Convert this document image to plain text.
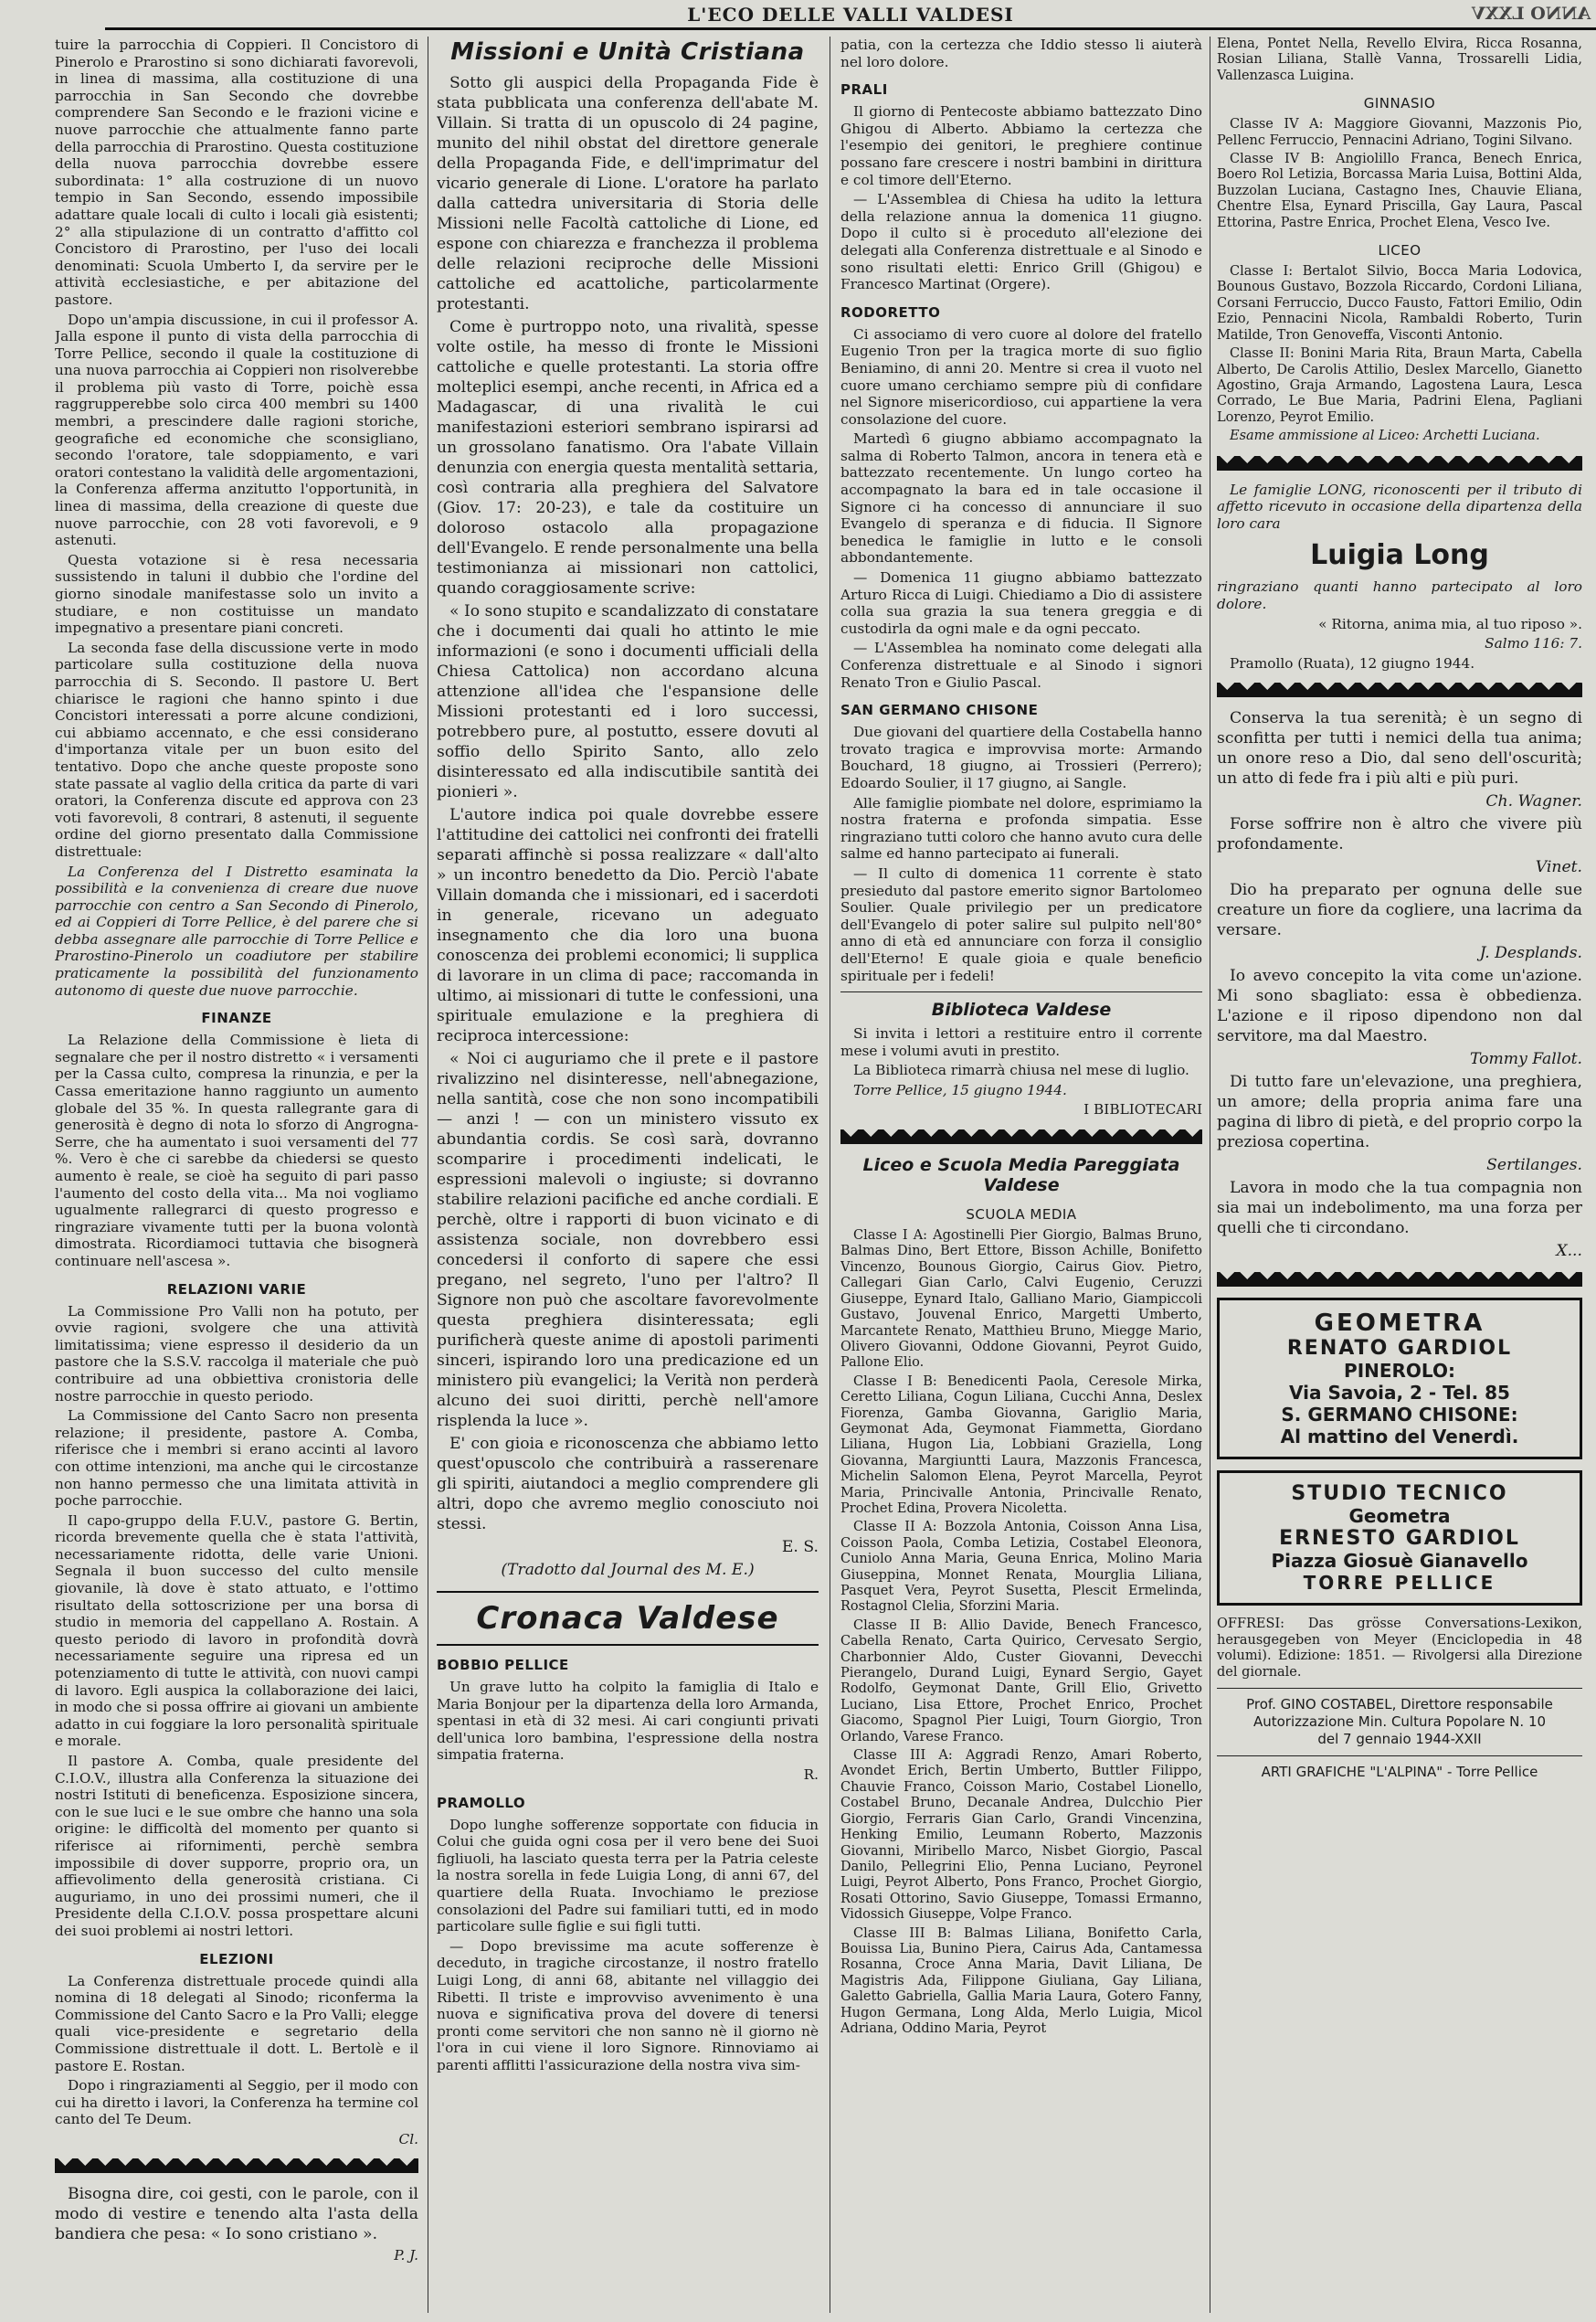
L'ECO DELLE VALLI VALDESI	ANNO LXXV

tuire la parrocchia di Coppieri. Il Concistoro di Pinerolo e Prarostino si sono dichiarati favorevoli, in linea di massima, alla costituzione di una parrocchia in San Secondo che dovrebbe comprendere San Secondo e le frazioni vicine e nuove parrocchie che attualmente fanno parte della parrocchia di Prarostino. Questa costituzione della nuova parrocchia dovrebbe essere subordinata: 1° alla costruzione di un nuovo tempio in San Secondo, essendo impossibile adattare quale locali di culto i locali già esistenti; 2° alla stipulazione di un contratto d'affitto col Concistoro di Prarostino, per l'uso dei locali denominati: Scuola Umberto I, da servire per le attività ecclesiastiche, e per abitazione del pastore.

Dopo un'ampia discussione, in cui il professor A. Jalla espone il punto di vista della parrocchia di Torre Pellice, secondo il quale la costituzione di una nuova parrocchia ai Coppieri non risolverebbe il problema più vasto di Torre, poichè essa raggrupperebbe solo circa 400 membri su 1400 membri, a prescindere dalle ragioni storiche, geografiche ed economiche che sconsigliano, secondo l'oratore, tale sdoppiamento, e vari oratori contestano la validità delle argomentazioni, la Conferenza afferma anzitutto l'opportunità, in linea di massima, della creazione di queste due nuove parrocchie, con 28 voti favorevoli, e 9 astenuti.

Questa votazione si è resa necessaria sussistendo in taluni il dubbio che l'ordine del giorno sinodale manifestasse solo un invito a studiare, e non costituisse un mandato impegnativo a presentare piani concreti.

La seconda fase della discussione verte in modo particolare sulla costituzione della nuova parrocchia di S. Secondo. Il pastore U. Bert chiarisce le ragioni che hanno spinto i due Concistori interessati a porre alcune condizioni, cui abbiamo accennato, e che essi considerano d'importanza vitale per un buon esito del tentativo. Dopo che anche queste proposte sono state passate al vaglio della critica da parte di vari oratori, la Conferenza discute ed approva con 23 voti favorevoli, 8 contrari, 8 astenuti, il seguente ordine del giorno presentato dalla Commissione distrettuale:

La Conferenza del I Distretto esaminata la possibilità e la convenienza di creare due nuove parrocchie con centro a San Secondo di Pinerolo, ed ai Coppieri di Torre Pellice, è del parere che si debba assegnare alle parrocchie di Torre Pellice e Prarostino-Pinerolo un coadiutore per stabilire praticamente la possibilità del funzionamento autonomo di queste due nuove parrocchie.

FINANZE

La Relazione della Commissione è lieta di segnalare che per il nostro distretto « i versamenti per la Cassa culto, compresa la rinunzia, e per la Cassa emeritazione hanno raggiunto un aumento globale del 35 %. In questa rallegrante gara di generosità è degno di nota lo sforzo di Angrogna-Serre, che ha aumentato i suoi versamenti del 77 %. Vero è che ci sarebbe da chiedersi se questo aumento è reale, se cioè ha seguito di pari passo l'aumento del costo della vita... Ma noi vogliamo ugualmente rallegrarci di questo progresso e ringraziare vivamente tutti per la buona volontà dimostrata. Ricordiamoci tuttavia che bisognerà continuare nell'ascesa ».

RELAZIONI VARIE

La Commissione Pro Valli non ha potuto, per ovvie ragioni, svolgere che una attività limitatissima; viene espresso il desiderio da un pastore che la S.S.V. raccolga il materiale che può contribuire ad una obbiettiva cronistoria delle nostre parrocchie in questo periodo.

La Commissione del Canto Sacro non presenta relazione; il presidente, pastore A. Comba, riferisce che i membri si erano accinti al lavoro con ottime intenzioni, ma anche qui le circostanze non hanno permesso che una limitata attività in poche parrocchie.

Il capo-gruppo della F.U.V., pastore G. Bertin, ricorda brevemente quella che è stata l'attività, necessariamente ridotta, delle varie Unioni. Segnala il buon successo del culto mensile giovanile, là dove è stato attuato, e l'ottimo risultato della sottoscrizione per una borsa di studio in memoria del cappellano A. Rostain. A questo periodo di lavoro in profondità dovrà necessariamente seguire una ripresa ed un potenziamento di tutte le attività, con nuovi campi di lavoro. Egli auspica la collaborazione dei laici, in modo che si possa offrire ai giovani un ambiente adatto in cui foggiare la loro personalità spirituale e morale.

Il pastore A. Comba, quale presidente del C.I.O.V., illustra alla Conferenza la situazione dei nostri Istituti di beneficenza. Esposizione sincera, con le sue luci e le sue ombre che hanno una sola origine: le difficoltà del momento per quanto si riferisce ai rifornimenti, perchè sembra impossibile di dover supporre, proprio ora, un affievolimento della generosità cristiana. Ci auguriamo, in uno dei prossimi numeri, che il Presidente della C.I.O.V. possa prospettare alcuni dei suoi problemi ai nostri lettori.

ELEZIONI

La Conferenza distrettuale procede quindi alla nomina di 18 delegati al Sinodo; riconferma la Commissione del Canto Sacro e la Pro Valli; elegge quali vice-presidente e segretario della Commissione distrettuale il dott. L. Bertolè e il pastore E. Rostan.

Dopo i ringraziamenti al Seggio, per il modo con cui ha diretto i lavori, la Conferenza ha termine col canto del Te Deum.

Cl.

Bisogna dire, coi gesti, con le parole, con il modo di vestire e tenendo alta l'asta della bandiera che pesa: « Io sono cristiano ».

P. J.

Missioni e Unità Cristiana

Sotto gli auspici della Propaganda Fide è stata pubblicata una conferenza dell'abate M. Villain. Si tratta di un opuscolo di 24 pagine, munito del nihil obstat del direttore generale della Propaganda Fide, e dell'imprimatur del vicario generale di Lione. L'oratore ha parlato dalla cattedra universitaria di Storia delle Missioni nelle Facoltà cattoliche di Lione, ed espone con chiarezza e franchezza il problema delle relazioni reciproche delle Missioni cattoliche ed acattoliche, particolarmente protestanti.

Come è purtroppo noto, una rivalità, spesse volte ostile, ha messo di fronte le Missioni cattoliche e quelle protestanti. La storia offre molteplici esempi, anche recenti, in Africa ed a Madagascar, di una rivalità le cui manifestazioni esteriori sembrano ispirarsi ad un grossolano fanatismo. Ora l'abate Villain denunzia con energia questa mentalità settaria, così contraria alla preghiera del Salvatore (Giov. 17: 20-23), e tale da costituire un doloroso ostacolo alla propagazione dell'Evangelo. E rende personalmente una bella testimonianza ai missionari non cattolici, quando coraggiosamente scrive:

« Io sono stupito e scandalizzato di constatare che i documenti dai quali ho attinto le mie informazioni (e sono i documenti ufficiali della Chiesa Cattolica) non accordano alcuna attenzione all'idea che l'espansione delle Missioni protestanti ed i loro successi, potrebbero pure, al postutto, essere dovuti al soffio dello Spirito Santo, allo zelo disinteressato ed alla indiscutibile santità dei pionieri ».

L'autore indica poi quale dovrebbe essere l'attitudine dei cattolici nei confronti dei fratelli separati affinchè si possa realizzare « dall'alto » un incontro benedetto da Dio. Perciò l'abate Villain domanda che i missionari, ed i sacerdoti in generale, ricevano un adeguato insegnamento che dia loro una buona conoscenza dei problemi economici; li supplica di lavorare in un clima di pace; raccomanda in ultimo, ai missionari di tutte le confessioni, una spirituale emulazione e la preghiera di reciproca intercessione:

« Noi ci auguriamo che il prete e il pastore rivalizzino nel disinteresse, nell'abnegazione, nella santità, cose che non sono incompatibili — anzi ! — con un ministero vissuto ex abundantia cordis. Se così sarà, dovranno scomparire i procedimenti indelicati, le espressioni malevoli o ingiuste; si dovranno stabilire relazioni pacifiche ed anche cordiali. E perchè, oltre i rapporti di buon vicinato e di assistenza sociale, non dovrebbero essi concedersi il conforto di sapere che essi pregano, nel segreto, l'uno per l'altro? Il Signore non può che ascoltare favorevolmente questa preghiera disinteressata; egli purificherà queste anime di apostoli parimenti sinceri, ispirando loro una predicazione ed un ministero più evangelici; la Verità non perderà alcuno dei suoi diritti, perchè nell'amore risplenda la luce ».

E' con gioia e riconoscenza che abbiamo letto quest'opuscolo che contribuirà a rasserenare gli spiriti, aiutandoci a meglio comprendere gli altri, dopo che avremo meglio conosciuto noi stessi.

E. S.

(Tradotto dal Journal des M. E.)

Cronaca Valdese
BOBBIO PELLICE

Un grave lutto ha colpito la famiglia di Italo e Maria Bonjour per la dipartenza della loro Armanda, spentasi in età di 32 mesi. Ai cari congiunti privati dell'unica loro bambina, l'espressione della nostra simpatia fraterna.

R.

PRAMOLLO

Dopo lunghe sofferenze sopportate con fiducia in Colui che guida ogni cosa per il vero bene dei Suoi figliuoli, ha lasciato questa terra per la Patria celeste la nostra sorella in fede Luigia Long, di anni 67, del quartiere della Ruata. Invochiamo le preziose consolazioni del Padre sui familiari tutti, ed in modo particolare sulle figlie e sui figli tutti.

— Dopo brevissime ma acute sofferenze è deceduto, in tragiche circostanze, il nostro fratello Luigi Long, di anni 68, abitante nel villaggio dei Ribetti. Il triste e improvviso avvenimento è una nuova e significativa prova del dovere di tenersi pronti come servitori che non sanno nè il giorno nè l'ora in cui viene il loro Signore. Rinnoviamo ai parenti afflitti l'assicurazione della nostra viva sim-

patia, con la certezza che Iddio stesso li aiuterà nel loro dolore.

PRALI

Il giorno di Pentecoste abbiamo battezzato Dino Ghigou di Alberto. Abbiamo la certezza che l'esempio dei genitori, le preghiere continue possano fare crescere i nostri bambini in dirittura e col timore dell'Eterno.

— L'Assemblea di Chiesa ha udito la lettura della relazione annua la domenica 11 giugno. Dopo il culto si è proceduto all'elezione dei delegati alla Conferenza distrettuale e al Sinodo e sono risultati eletti: Enrico Grill (Ghigou) e Francesco Martinat (Orgere).

RODORETTO

Ci associamo di vero cuore al dolore del fratello Eugenio Tron per la tragica morte di suo figlio Beniamino, di anni 20. Mentre si crea il vuoto nel cuore umano cerchiamo sempre più di confidare nel Signore misericordioso, cui appartiene la vera consolazione del cuore.

Martedì 6 giugno abbiamo accompagnato la salma di Roberto Talmon, ancora in tenera età e battezzato recentemente. Un lungo corteo ha accompagnato la bara ed in tale occasione il Signore ci ha concesso di annunciare il suo Evangelo di speranza e di fiducia. Il Signore benedica le famiglie in lutto e le consoli abbondantemente.

— Domenica 11 giugno abbiamo battezzato Arturo Ricca di Luigi. Chiediamo a Dio di assistere colla sua grazia la sua tenera greggia e di custodirla da ogni male e da ogni peccato.

— L'Assemblea ha nominato come delegati alla Conferenza distrettuale e al Sinodo i signori Renato Tron e Giulio Pascal.

SAN GERMANO CHISONE

Due giovani del quartiere della Costabella hanno trovato tragica e improvvisa morte: Armando Bouchard, 18 giugno, ai Trossieri (Perrero); Edoardo Soulier, il 17 giugno, ai Sangle.

Alle famiglie piombate nel dolore, esprimiamo la nostra fraterna e profonda simpatia. Esse ringraziano tutti coloro che hanno avuto cura delle salme ed hanno partecipato ai funerali.

— Il culto di domenica 11 corrente è stato presieduto dal pastore emerito signor Bartolomeo Soulier. Quale privilegio per un predicatore dell'Evangelo di poter salire sul pulpito nell'80° anno di età ed annunciare con forza il consiglio dell'Eterno! E quale gioia e quale beneficio spirituale per i fedeli!

Biblioteca Valdese

Si invita i lettori a restituire entro il corrente mese i volumi avuti in prestito.

La Biblioteca rimarrà chiusa nel mese di luglio.

Torre Pellice, 15 giugno 1944.

I BIBLIOTECARI

Liceo e Scuola Media Pareggiata Valdese
SCUOLA MEDIA

Classe I A: Agostinelli Pier Giorgio, Balmas Bruno, Balmas Dino, Bert Ettore, Bisson Achille, Bonifetto Vincenzo, Bounous Giorgio, Cairus Giov. Pietro, Callegari Gian Carlo, Calvi Eugenio, Ceruzzi Giuseppe, Eynard Italo, Galliano Mario, Giampiccoli Gustavo, Jouvenal Enrico, Margetti Umberto, Marcantete Renato, Matthieu Bruno, Miegge Mario, Olivero Giovanni, Oddone Giovanni, Peyrot Guido, Pallone Elio.

Classe I B: Benedicenti Paola, Ceresole Mirka, Ceretto Liliana, Cogun Liliana, Cucchi Anna, Deslex Fiorenza, Gamba Giovanna, Gariglio Maria, Geymonat Ada, Geymonat Fiammetta, Giordano Liliana, Hugon Lia, Lobbiani Graziella, Long Giovanna, Margiuntti Laura, Mazzonis Francesca, Michelin Salomon Elena, Peyrot Marcella, Peyrot Maria, Princivalle Antonia, Princivalle Renato, Prochet Edina, Provera Nicoletta.

Classe II A: Bozzola Antonia, Coisson Anna Lisa, Coisson Paola, Comba Letizia, Costabel Eleonora, Cuniolo Anna Maria, Geuna Enrica, Molino Maria Giuseppina, Monnet Renata, Mourglia Liliana, Pasquet Vera, Peyrot Susetta, Plescit Ermelinda, Rostagnol Clelia, Sforzini Maria.

Classe II B: Allio Davide, Benech Francesco, Cabella Renato, Carta Quirico, Cervesato Sergio, Charbonnier Aldo, Custer Giovanni, Devecchi Pierangelo, Durand Luigi, Eynard Sergio, Gayet Rodolfo, Geymonat Dante, Grill Elio, Grivetto Luciano, Lisa Ettore, Prochet Enrico, Prochet Giacomo, Spagnol Pier Luigi, Tourn Giorgio, Tron Orlando, Varese Franco.

Classe III A: Aggradi Renzo, Amari Roberto, Avondet Erich, Bertin Umberto, Buttler Filippo, Chauvie Franco, Coisson Mario, Costabel Lionello, Costabel Bruno, Decanale Andrea, Dulcchio Pier Giorgio, Ferraris Gian Carlo, Grandi Vincenzina, Henking Emilio, Leumann Roberto, Mazzonis Giovanni, Miribello Marco, Nisbet Giorgio, Pascal Danilo, Pellegrini Elio, Penna Luciano, Peyronel Luigi, Peyrot Alberto, Pons Franco, Prochet Giorgio, Rosati Ottorino, Savio Giuseppe, Tomassi Ermanno, Vidossich Giuseppe, Volpe Franco.

Classe III B: Balmas Liliana, Bonifetto Carla, Bouissa Lia, Bunino Piera, Cairus Ada, Cantamessa Rosanna, Croce Anna Maria, Davit Liliana, De Magistris Ada, Filippone Giuliana, Gay Liliana, Galetto Gabriella, Gallia Maria Laura, Gotero Fanny, Hugon Germana, Long Alda, Merlo Luigia, Micol Adriana, Oddino Maria, Peyrot

Elena, Pontet Nella, Revello Elvira, Ricca Rosanna, Rosian Liliana, Stallè Vanna, Trossarelli Lidia, Vallenzasca Luigina.

GINNASIO

Classe IV A: Maggiore Giovanni, Mazzonis Pio, Pellenc Ferruccio, Pennacini Adriano, Togini Silvano.

Classe IV B: Angiolillo Franca, Benech Enrica, Boero Rol Letizia, Borcassa Maria Luisa, Bottini Alda, Buzzolan Luciana, Castagno Ines, Chauvie Eliana, Chentre Elsa, Eynard Priscilla, Gay Laura, Pascal Ettorina, Pastre Enrica, Prochet Elena, Vesco Ive.

LICEO

Classe I: Bertalot Silvio, Bocca Maria Lodovica, Bounous Gustavo, Bozzola Riccardo, Cordoni Liliana, Corsani Ferruccio, Ducco Fausto, Fattori Emilio, Odin Ezio, Pennacini Nicola, Rambaldi Roberto, Turin Matilde, Tron Genoveffa, Visconti Antonio.

Classe II: Bonini Maria Rita, Braun Marta, Cabella Alberto, De Carolis Attilio, Deslex Marcello, Gianetto Agostino, Graja Armando, Lagostena Laura, Lesca Corrado, Le Bue Maria, Padrini Elena, Pagliani Lorenzo, Peyrot Emilio.

Esame ammissione al Liceo: Archetti Luciana.

Le famiglie LONG, riconoscenti per il tributo di affetto ricevuto in occasione della dipartenza della loro cara

Luigia Long

ringraziano quanti hanno partecipato al loro dolore.

« Ritorna, anima mia, al tuo riposo ».

Salmo 116: 7.

Pramollo (Ruata), 12 giugno 1944.

Conserva la tua serenità; è un segno di sconfitta per tutti i nemici della tua anima; un onore reso a Dio, dal seno dell'oscurità; un atto di fede fra i più alti e più puri.

Ch. Wagner.

Forse soffrire non è altro che vivere più profondamente.

Vinet.

Dio ha preparato per ognuna delle sue creature un fiore da cogliere, una lacrima da versare.

J. Desplands.

Io avevo concepito la vita come un'azione. Mi sono sbagliato: essa è obbedienza. L'azione e il riposo dipendono non dal servitore, ma dal Maestro.

Tommy Fallot.

Di tutto fare un'elevazione, una preghiera, un amore; della propria anima fare una pagina di libro di pietà, e del proprio corpo la preziosa copertina.

Sertilanges.

Lavora in modo che la tua compagnia non sia mai un indebolimento, ma una forza per quelli che ti circondano.

X...

GEOMETRA
RENATO GARDIOL
PINEROLO:
Via Savoia, 2 - Tel. 85
S. GERMANO CHISONE:
Al mattino del Venerdì.
STUDIO TECNICO
Geometra
ERNESTO GARDIOL
Piazza Giosuè Gianavello
TORRE PELLICE

OFFRESI: Das grösse Conversations-Lexikon, herausgegeben von Meyer (Enciclopedia in 48 volumi). Edizione: 1851. — Rivolgersi alla Direzione del giornale.

Prof. GINO COSTABEL, Direttore responsabile
Autorizzazione Min. Cultura Popolare N. 10
del 7 gennaio 1944-XXII
ARTI GRAFICHE "L'ALPINA" - Torre Pellice
